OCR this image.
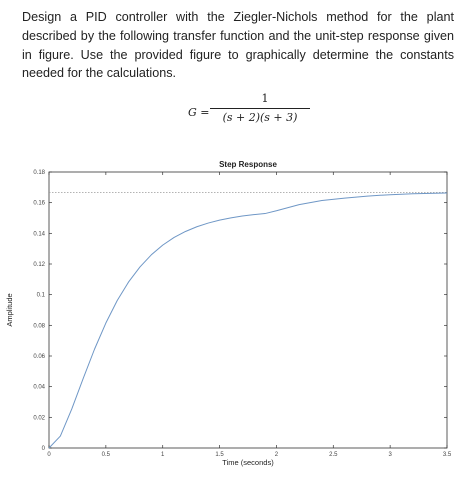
Design a PID controller with the Ziegler-Nichols method for the plant described by the following transfer function and the unit-step response given in figure. Use the provided figure to graphically determine the constants needed for the calculations.

G =
1
(s + 2)(s + 3)
0	0.5	1	1.5	2	2.5	3	3.5
0
0.02
0.04
0.06
0.08
0.1
0.12
0.14
0.16
0.18
Step Response
Time (seconds)
Amplitude
